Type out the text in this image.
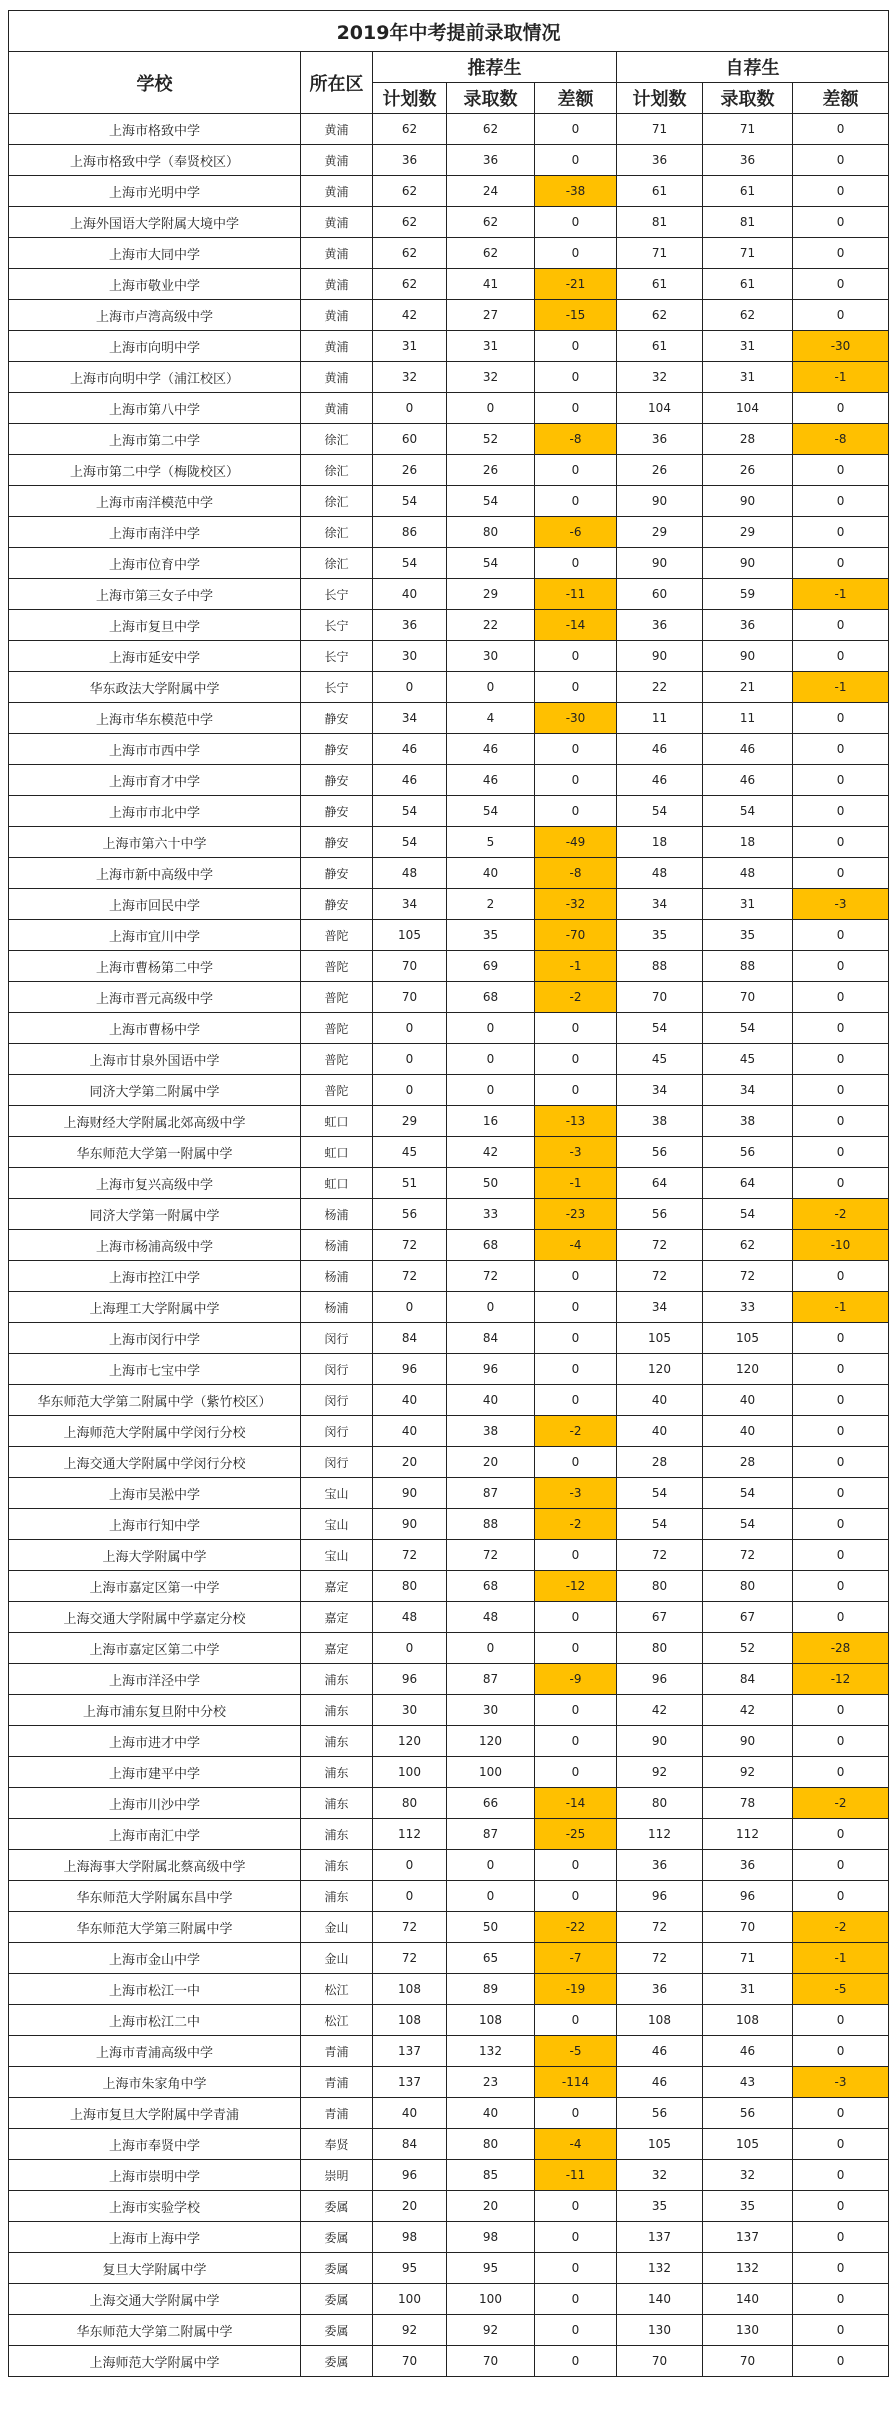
2019年中考提前录取情况							
学校	所在区	推荐生			自荐生		
		计划数	录取数	差额	计划数	录取数	差额
上海市格致中学	黄浦	62	62	0	71	71	0
上海市格致中学（奉贤校区）	黄浦	36	36	0	36	36	0
上海市光明中学	黄浦	62	24	-38	61	61	0
上海外国语大学附属大境中学	黄浦	62	62	0	81	81	0
上海市大同中学	黄浦	62	62	0	71	71	0
上海市敬业中学	黄浦	62	41	-21	61	61	0
上海市卢湾高级中学	黄浦	42	27	-15	62	62	0
上海市向明中学	黄浦	31	31	0	61	31	-30
上海市向明中学（浦江校区）	黄浦	32	32	0	32	31	-1
上海市第八中学	黄浦	0	0	0	104	104	0
上海市第二中学	徐汇	60	52	-8	36	28	-8
上海市第二中学（梅陇校区）	徐汇	26	26	0	26	26	0
上海市南洋模范中学	徐汇	54	54	0	90	90	0
上海市南洋中学	徐汇	86	80	-6	29	29	0
上海市位育中学	徐汇	54	54	0	90	90	0
上海市第三女子中学	长宁	40	29	-11	60	59	-1
上海市复旦中学	长宁	36	22	-14	36	36	0
上海市延安中学	长宁	30	30	0	90	90	0
华东政法大学附属中学	长宁	0	0	0	22	21	-1
上海市华东模范中学	静安	34	4	-30	11	11	0
上海市市西中学	静安	46	46	0	46	46	0
上海市育才中学	静安	46	46	0	46	46	0
上海市市北中学	静安	54	54	0	54	54	0
上海市第六十中学	静安	54	5	-49	18	18	0
上海市新中高级中学	静安	48	40	-8	48	48	0
上海市回民中学	静安	34	2	-32	34	31	-3
上海市宜川中学	普陀	105	35	-70	35	35	0
上海市曹杨第二中学	普陀	70	69	-1	88	88	0
上海市晋元高级中学	普陀	70	68	-2	70	70	0
上海市曹杨中学	普陀	0	0	0	54	54	0
上海市甘泉外国语中学	普陀	0	0	0	45	45	0
同济大学第二附属中学	普陀	0	0	0	34	34	0
上海财经大学附属北郊高级中学	虹口	29	16	-13	38	38	0
华东师范大学第一附属中学	虹口	45	42	-3	56	56	0
上海市复兴高级中学	虹口	51	50	-1	64	64	0
同济大学第一附属中学	杨浦	56	33	-23	56	54	-2
上海市杨浦高级中学	杨浦	72	68	-4	72	62	-10
上海市控江中学	杨浦	72	72	0	72	72	0
上海理工大学附属中学	杨浦	0	0	0	34	33	-1
上海市闵行中学	闵行	84	84	0	105	105	0
上海市七宝中学	闵行	96	96	0	120	120	0
华东师范大学第二附属中学（紫竹校区）	闵行	40	40	0	40	40	0
上海师范大学附属中学闵行分校	闵行	40	38	-2	40	40	0
上海交通大学附属中学闵行分校	闵行	20	20	0	28	28	0
上海市吴淞中学	宝山	90	87	-3	54	54	0
上海市行知中学	宝山	90	88	-2	54	54	0
上海大学附属中学	宝山	72	72	0	72	72	0
上海市嘉定区第一中学	嘉定	80	68	-12	80	80	0
上海交通大学附属中学嘉定分校	嘉定	48	48	0	67	67	0
上海市嘉定区第二中学	嘉定	0	0	0	80	52	-28
上海市洋泾中学	浦东	96	87	-9	96	84	-12
上海市浦东复旦附中分校	浦东	30	30	0	42	42	0
上海市进才中学	浦东	120	120	0	90	90	0
上海市建平中学	浦东	100	100	0	92	92	0
上海市川沙中学	浦东	80	66	-14	80	78	-2
上海市南汇中学	浦东	112	87	-25	112	112	0
上海海事大学附属北蔡高级中学	浦东	0	0	0	36	36	0
华东师范大学附属东昌中学	浦东	0	0	0	96	96	0
华东师范大学第三附属中学	金山	72	50	-22	72	70	-2
上海市金山中学	金山	72	65	-7	72	71	-1
上海市松江一中	松江	108	89	-19	36	31	-5
上海市松江二中	松江	108	108	0	108	108	0
上海市青浦高级中学	青浦	137	132	-5	46	46	0
上海市朱家角中学	青浦	137	23	-114	46	43	-3
上海市复旦大学附属中学青浦	青浦	40	40	0	56	56	0
上海市奉贤中学	奉贤	84	80	-4	105	105	0
上海市崇明中学	崇明	96	85	-11	32	32	0
上海市实验学校	委属	20	20	0	35	35	0
上海市上海中学	委属	98	98	0	137	137	0
复旦大学附属中学	委属	95	95	0	132	132	0
上海交通大学附属中学	委属	100	100	0	140	140	0
华东师范大学第二附属中学	委属	92	92	0	130	130	0
上海师范大学附属中学	委属	70	70	0	70	70	0
